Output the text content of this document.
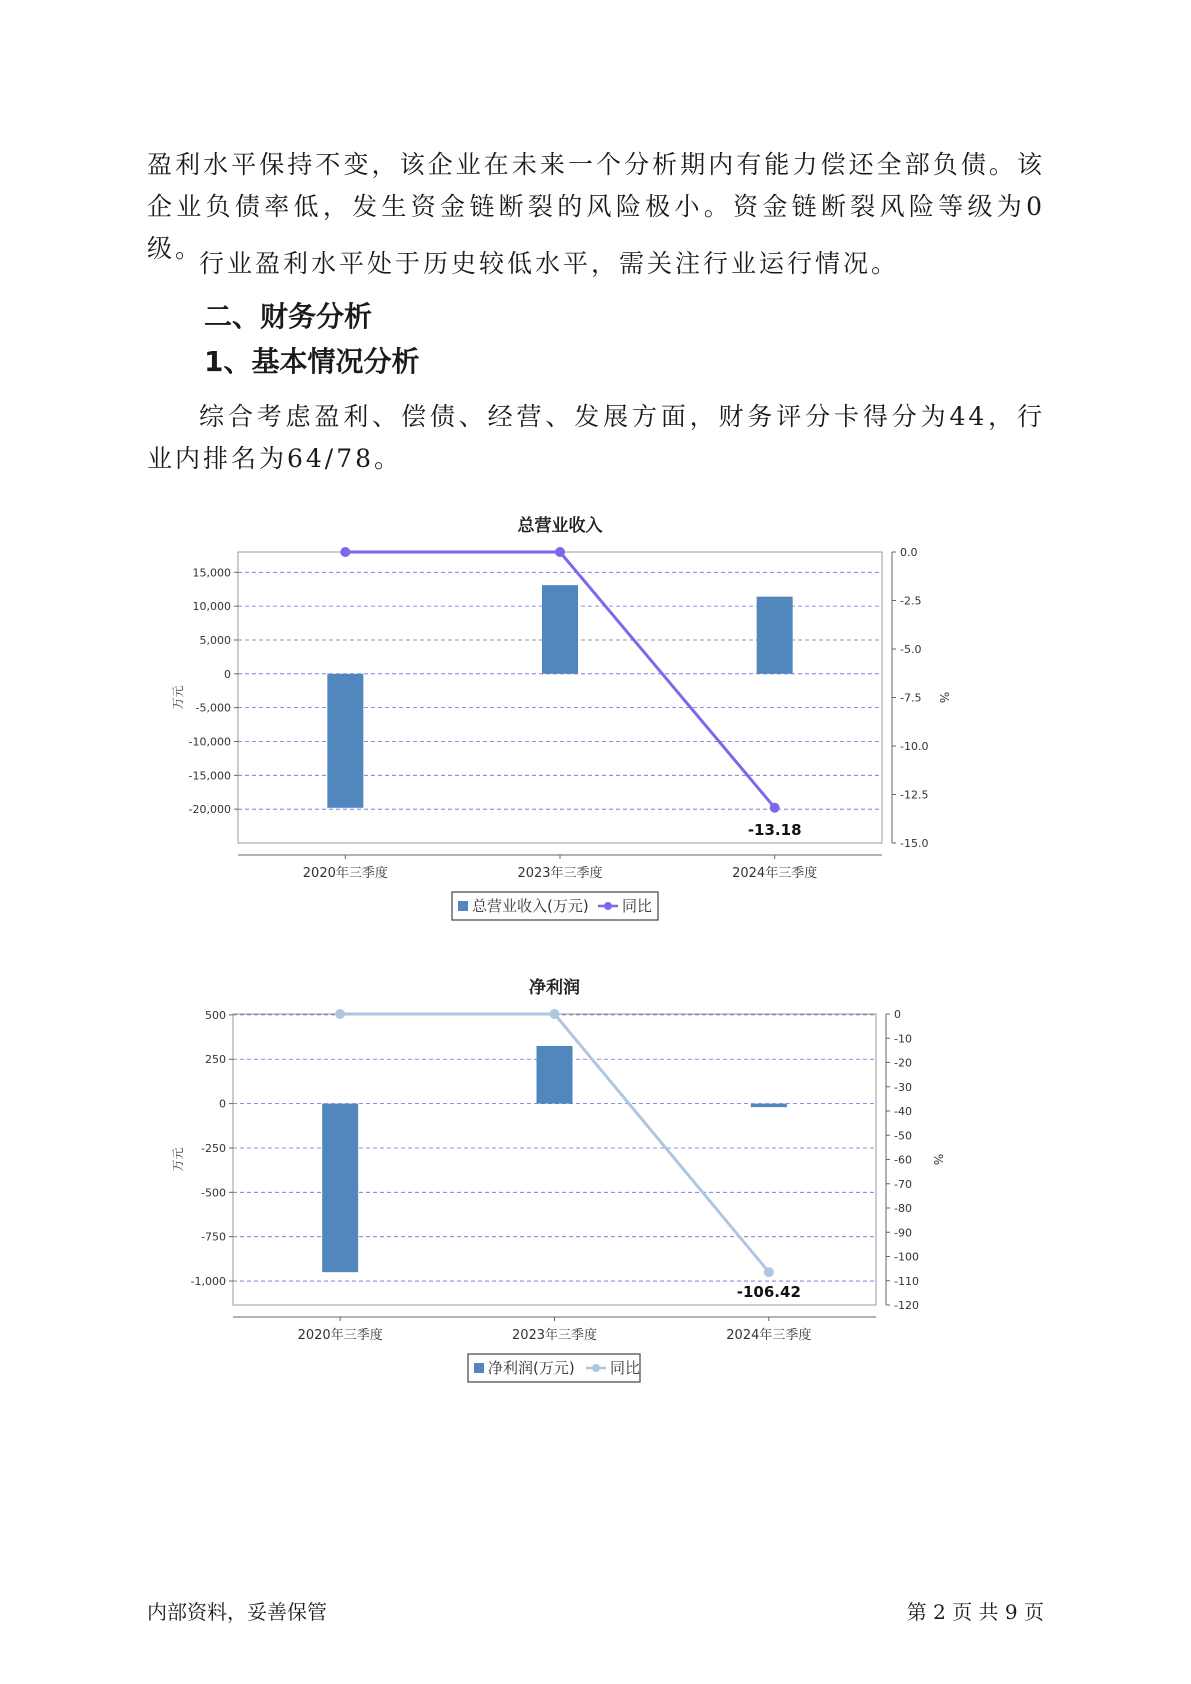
盈利水平保持不变，该企业在未来一个分析期内有能力偿还全部负债。该企业负债率低，发生资金链断裂的风险极小。资金链断裂风险等级为0级。

行业盈利水平处于历史较低水平，需关注行业运行情况。

二、财务分析
1、基本情况分析

综合考虑盈利、偿债、经营、发展方面，财务评分卡得分为44，行业内排名为64/78。

总营业收入
15,000
10,000
5,000
0
-5,000
-10,000
-15,000
-20,000
万元
0.0
-2.5
-5.0
-7.5
-10.0
-12.5
-15.0
%
2020年三季度	2023年三季度	2024年三季度
-13.18
总营业收入(万元) 同比
净利润
500
250
0
-250
-500
-750
-1,000
万元
0
-10
-20
-30
-40
-50
-60
-70
-80
-90
-100
-110
-120
%
2020年三季度	2023年三季度	2024年三季度
-106.42
净利润(万元) 同比

内部资料，妥善保管	第 2 页 共 9 页
